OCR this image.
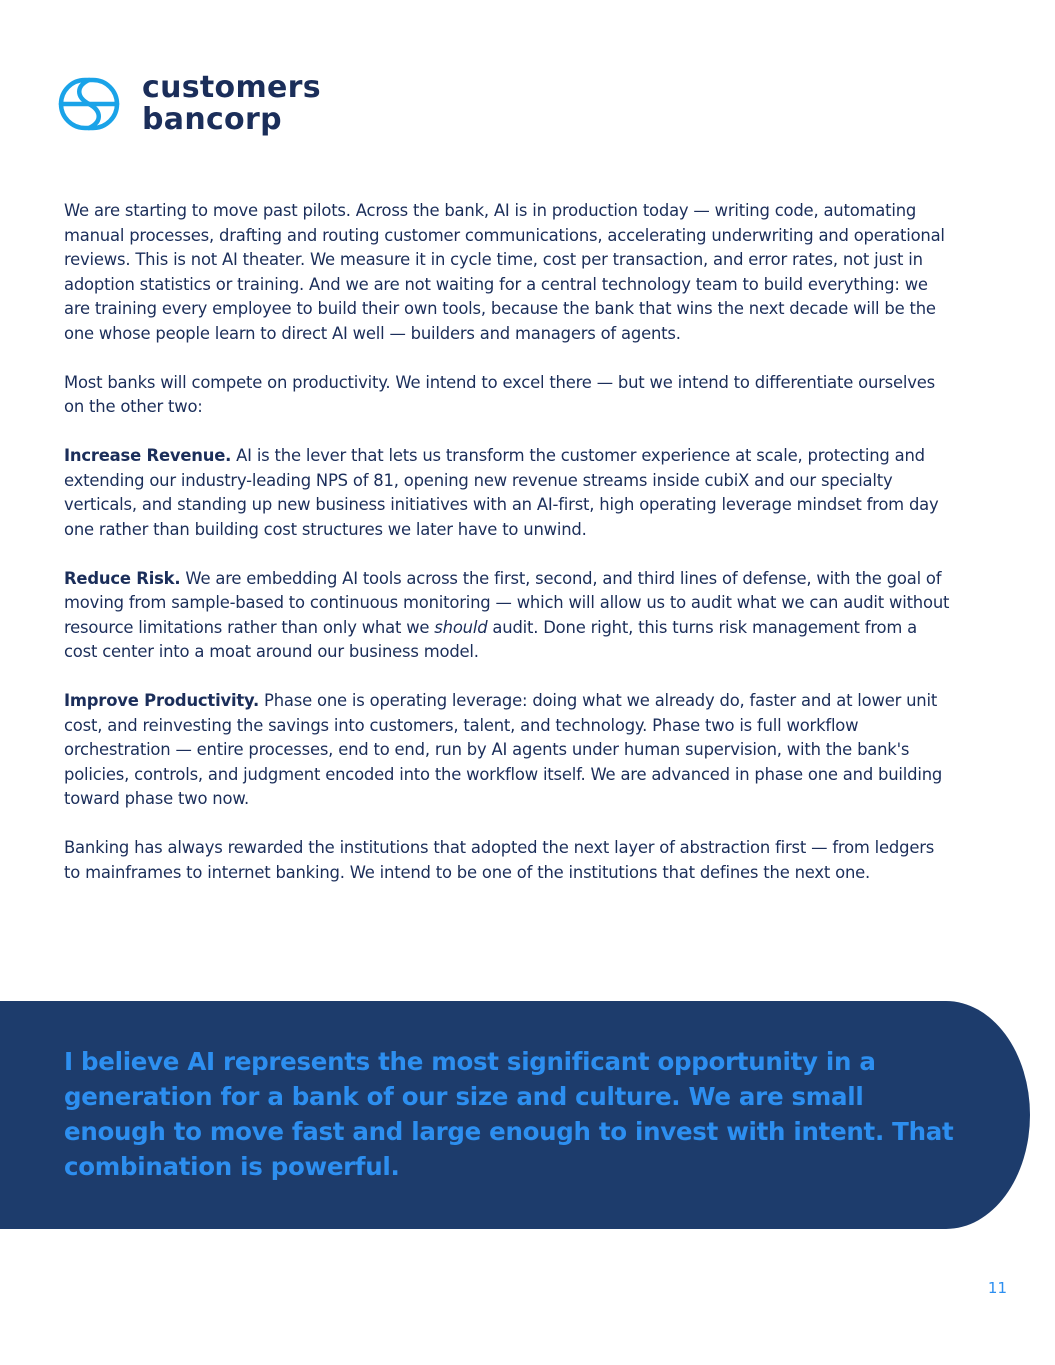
customers
bancorp

We are starting to move past pilots. Across the bank, AI is in production today — writing code, automating manual processes, drafting and routing customer communications, accelerating underwriting and operational reviews. This is not AI theater. We measure it in cycle time, cost per transaction, and error rates, not just in adoption statistics or training. And we are not waiting for a central technology team to build everything: we are training every employee to build their own tools, because the bank that wins the next decade will be the one whose people learn to direct AI well — builders and managers of agents.

Most banks will compete on productivity. We intend to excel there — but we intend to differentiate ourselves on the other two:

Increase Revenue. AI is the lever that lets us transform the customer experience at scale, protecting and extending our industry-leading NPS of 81, opening new revenue streams inside cubiX and our specialty verticals, and standing up new business initiatives with an AI-first, high operating leverage mindset from day one rather than building cost structures we later have to unwind.

Reduce Risk. We are embedding AI tools across the first, second, and third lines of defense, with the goal of moving from sample-based to continuous monitoring — which will allow us to audit what we can audit without resource limitations rather than only what we should audit. Done right, this turns risk management from a cost center into a moat around our business model.

Improve Productivity. Phase one is operating leverage: doing what we already do, faster and at lower unit cost, and reinvesting the savings into customers, talent, and technology. Phase two is full workflow orchestration — entire processes, end to end, run by AI agents under human supervision, with the bank's policies, controls, and judgment encoded into the workflow itself. We are advanced in phase one and building toward phase two now.

Banking has always rewarded the institutions that adopted the next layer of abstraction first — from ledgers to mainframes to internet banking. We intend to be one of the institutions that defines the next one.

I believe AI represents the most significant opportunity in a generation for a bank of our size and culture. We are small enough to move fast and large enough to invest with intent. That combination is powerful.

11
